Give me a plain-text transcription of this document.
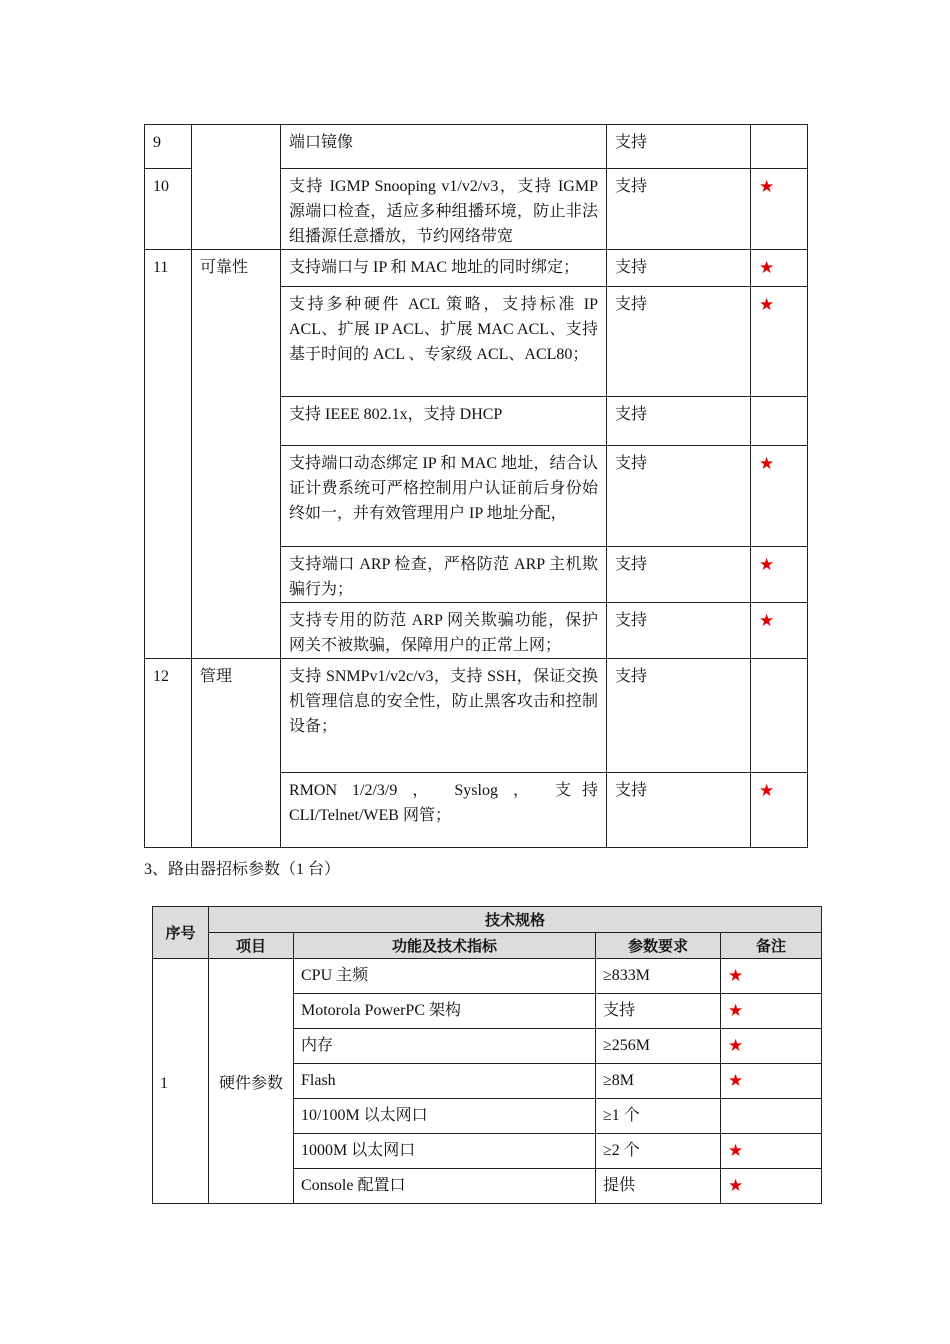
9		端口镜像	支持	
10		支持 IGMP Snooping v1/v2/v3，支持 IGMP 源端口检查，适应多种组播环境，防止非法组播源任意播放，节约网络带宽	支持	★
11	可靠性	支持端口与 IP 和 MAC 地址的同时绑定；	支持	★
		支持多种硬件 ACL 策略，支持标准 IP ACL、扩展 IP ACL、扩展 MAC ACL、支持基于时间的 ACL 、专家级 ACL、ACL80；	支持	★
		支持 IEEE 802.1x，支持 DHCP	支持	
		支持端口动态绑定 IP 和 MAC 地址，结合认证计费系统可严格控制用户认证前后身份始终如一，并有效管理用户 IP 地址分配，	支持	★
		支持端口 ARP 检查，严格防范 ARP 主机欺骗行为；	支持	★
		支持专用的防范 ARP 网关欺骗功能，保护网关不被欺骗，保障用户的正常上网；	支持	★
12	管理	支持 SNMPv1/v2c/v3，支持 SSH，保证交换机管理信息的安全性，防止黑客攻击和控制设备；	支持	
		RMON 1/2/3/9 ， Syslog ， 支持 CLI/Telnet/WEB 网管；	支持	★
3、路由器招标参数（1 台）
序号	技术规格			
	项目	功能及技术指标	参数要求	备注
1	硬件参数	CPU 主频	≥833M	★
		Motorola PowerPC 架构	支持	★
		内存	≥256M	★
		Flash	≥8M	★
		10/100M 以太网口	≥1 个	
		1000M 以太网口	≥2 个	★
		Console 配置口	提供	★
